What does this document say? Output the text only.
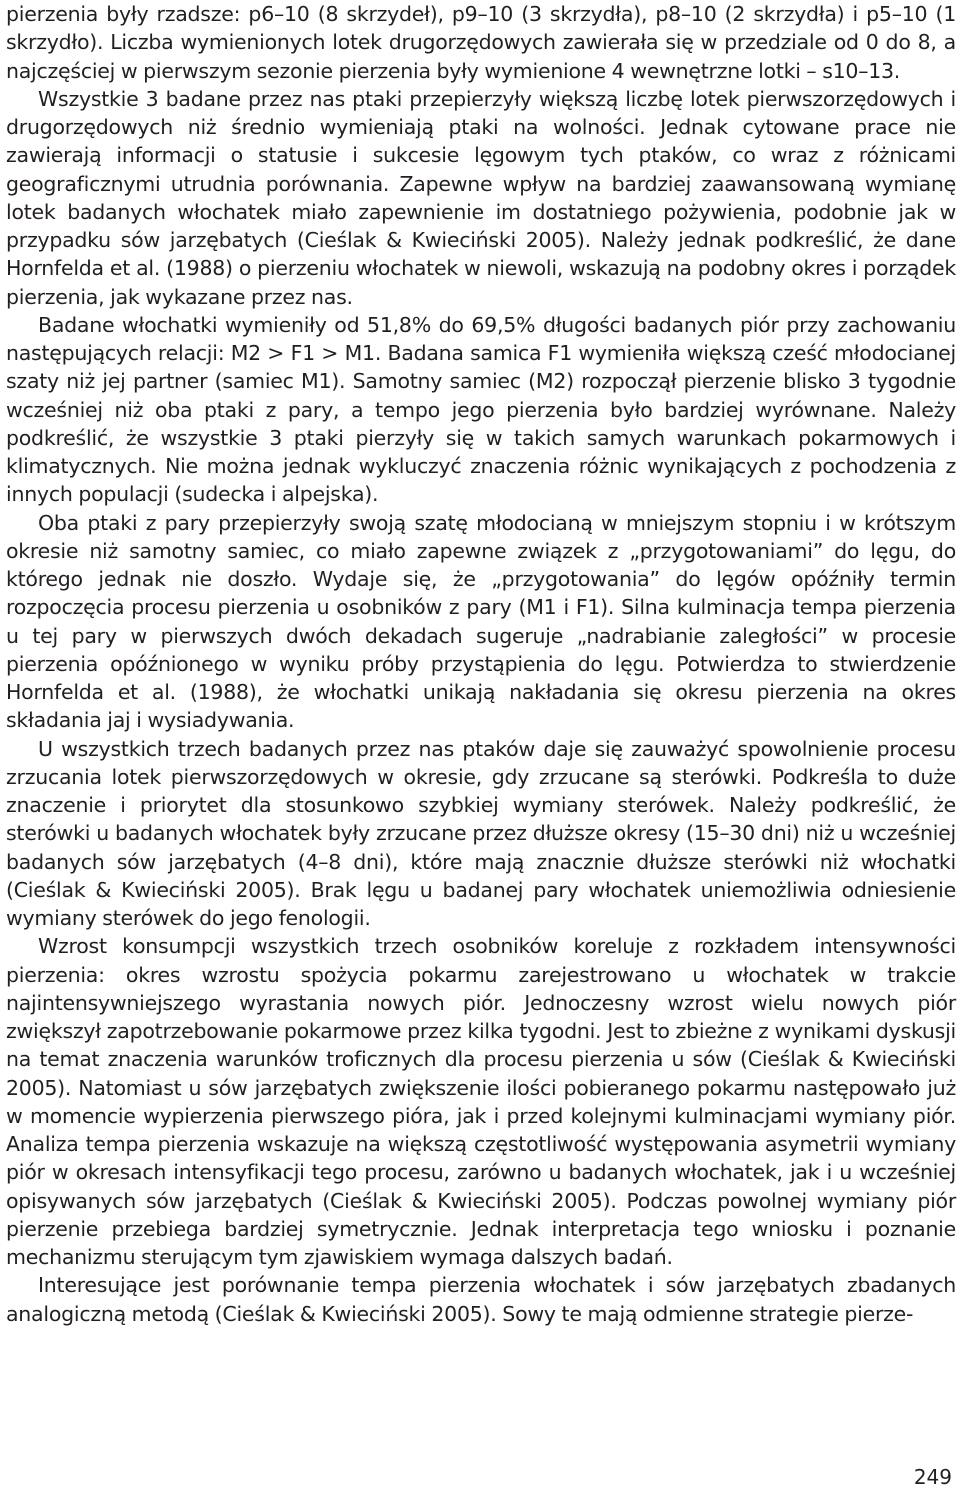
pierzenia były rzadsze: p6–10 (8 skrzydeł), p9–10 (3 skrzydła), p8–10 (2 skrzydła) i p5–10 (1 skrzydło). Liczba wymienionych lotek drugorzędowych zawierała się w przedziale od 0 do 8, a najczęściej w pierwszym sezonie pierzenia były wymienione 4 wewnętrzne lotki – s10–13.

Wszystkie 3 badane przez nas ptaki przepierzyły większą liczbę lotek pierwszorzędowych i drugorzędowych niż średnio wymieniają ptaki na wolności. Jednak cytowane prace nie zawierają informacji o statusie i sukcesie lęgowym tych ptaków, co wraz z różnicami geograficznymi utrudnia porównania. Zapewne wpływ na bardziej zaawansowaną wymianę lotek badanych włochatek miało zapewnienie im dostatniego pożywienia, podobnie jak w przypadku sów jarzębatych (Cieślak & Kwieciński 2005). Należy jednak podkreślić, że dane Hornfelda et al. (1988) o pierzeniu włochatek w niewoli, wskazują na podobny okres i porządek pierzenia, jak wykazane przez nas.

Badane włochatki wymieniły od 51,8% do 69,5% długości badanych piór przy zachowaniu następujących relacji: M2 > F1 > M1. Badana samica F1 wymieniła większą cześć młodocianej szaty niż jej partner (samiec M1). Samotny samiec (M2) rozpoczął pierzenie blisko 3 tygodnie wcześniej niż oba ptaki z pary, a tempo jego pierzenia było bardziej wyrównane. Należy podkreślić, że wszystkie 3 ptaki pierzyły się w takich samych warunkach pokarmowych i klimatycznych. Nie można jednak wykluczyć znaczenia różnic wynikających z pochodzenia z innych populacji (sudecka i alpejska).

Oba ptaki z pary przepierzyły swoją szatę młodocianą w mniejszym stopniu i w krótszym okresie niż samotny samiec, co miało zapewne związek z „przygotowaniami” do lęgu, do którego jednak nie doszło. Wydaje się, że „przygotowania” do lęgów opóźniły termin rozpoczęcia procesu pierzenia u osobników z pary (M1 i F1). Silna kulminacja tempa pierzenia u tej pary w pierwszych dwóch dekadach sugeruje „nadrabianie zaległości” w procesie pierzenia opóźnionego w wyniku próby przystąpienia do lęgu. Potwierdza to stwierdzenie Hornfelda et al. (1988), że włochatki unikają nakładania się okresu pierzenia na okres składania jaj i wysiadywania.

U wszystkich trzech badanych przez nas ptaków daje się zauważyć spowolnienie procesu zrzucania lotek pierwszorzędowych w okresie, gdy zrzucane są sterówki. Podkreśla to duże znaczenie i priorytet dla stosunkowo szybkiej wymiany sterówek. Należy podkreślić, że sterówki u badanych włochatek były zrzucane przez dłuższe okresy (15–30 dni) niż u wcześniej badanych sów jarzębatych (4–8 dni), które mają znacznie dłuższe sterówki niż włochatki (Cieślak & Kwieciński 2005). Brak lęgu u badanej pary włochatek uniemożliwia odniesienie wymiany sterówek do jego fenologii.

Wzrost konsumpcji wszystkich trzech osobników koreluje z rozkładem intensywności pierzenia: okres wzrostu spożycia pokarmu zarejestrowano u włochatek w trakcie najintensywniejszego wyrastania nowych piór. Jednoczesny wzrost wielu nowych piór zwiększył zapotrzebowanie pokarmowe przez kilka tygodni. Jest to zbieżne z wynikami dyskusji na temat znaczenia warunków troficznych dla procesu pierzenia u sów (Cieślak & Kwieciński 2005). Natomiast u sów jarzębatych zwiększenie ilości pobieranego pokarmu następowało już w momencie wypierzenia pierwszego pióra, jak i przed kolejnymi kulminacjami wymiany piór. Analiza tempa pierzenia wskazuje na większą częstotliwość występowania asymetrii wymiany piór w okresach intensyfikacji tego procesu, zarówno u badanych włochatek, jak i u wcześniej opisywanych sów jarzębatych (Cieślak & Kwieciński 2005). Podczas powolnej wymiany piór pierzenie przebiega bardziej symetrycznie. Jednak interpretacja tego wniosku i poznanie mechanizmu sterującym tym zjawiskiem wymaga dalszych badań.

Interesujące jest porównanie tempa pierzenia włochatek i sów jarzębatych zbadanych analogiczną metodą (Cieślak & Kwieciński 2005). Sowy te mają odmienne strategie pierze-

249
